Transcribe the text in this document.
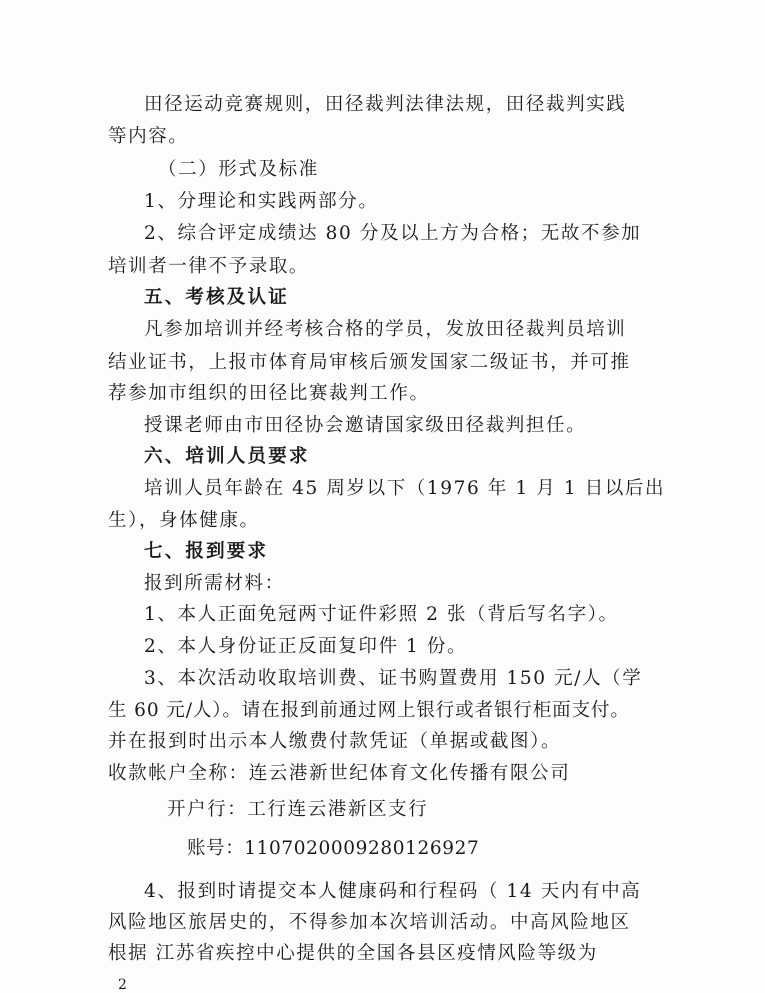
田径运动竞赛规则，田径裁判法律法规，田径裁判实践
等内容。
（二）形式及标准
1、分理论和实践两部分。
2、综合评定成绩达 80 分及以上方为合格；无故不参加
培训者一律不予录取。
五、考核及认证
凡参加培训并经考核合格的学员，发放田径裁判员培训
结业证书，上报市体育局审核后颁发国家二级证书，并可推
荐参加市组织的田径比赛裁判工作。
授课老师由市田径协会邀请国家级田径裁判担任。
六、培训人员要求
培训人员年龄在 45 周岁以下（1976 年 1 月 1 日以后出
生），身体健康。
七、报到要求
报到所需材料：
1、本人正面免冠两寸证件彩照 2 张（背后写名字）。
2、本人身份证正反面复印件 1 份。
3、本次活动收取培训费、证书购置费用 150 元/人（学
生 60 元/人）。请在报到前通过网上银行或者银行柜面支付。
并在报到时出示本人缴费付款凭证（单据或截图）。
收款帐户全称：连云港新世纪体育文化传播有限公司
开户行：工行连云港新区支行
账号：110702000928012692​7
4、报到时请提交本人健康码和行程码（ 14 天内有中高
风险地区旅居史的，不得参加本次培训活动。中高风险地区
根据 江苏省疾控中心提供的全国各县区疫情风险等级为
2
